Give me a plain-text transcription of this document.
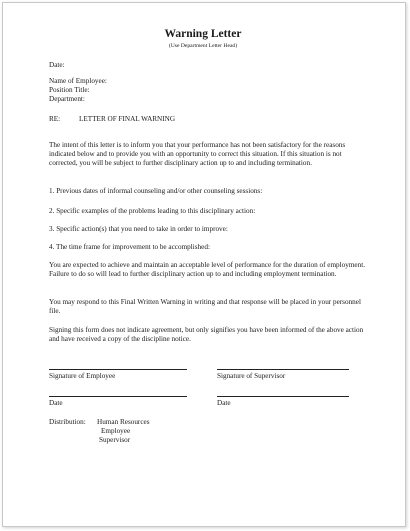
Warning Letter
(Use Department Letter Head)
Date:
Name of Employee:
Position Title:
Department:
RE:	LETTER OF FINAL WARNING
The intent of this letter is to inform you that your performance has not been satisfactory for the reasons indicated below and to provide you with an opportunity to correct this situation. If this situation is not corrected, you will be subject to further disciplinary action up to and including termination.
1. Previous dates of informal counseling and/or other counseling sessions:
2. Specific examples of the problems leading to this disciplinary action:
3. Specific action(s) that you need to take in order to improve:
4. The time frame for improvement to be accomplished:
You are expected to achieve and maintain an acceptable level of performance for the duration of employment. Failure to do so will lead to further disciplinary action up to and including employment termination.
You may respond to this Final Written Warning in writing and that response will be placed in your personnel file.
Signing this form does not indicate agreement, but only signifies you have been informed of the above action and have received a copy of the discipline notice.
Signature of Employee	Signature of Supervisor
Date	Date
Distribution: Human Resources
Employee
Supervisor
